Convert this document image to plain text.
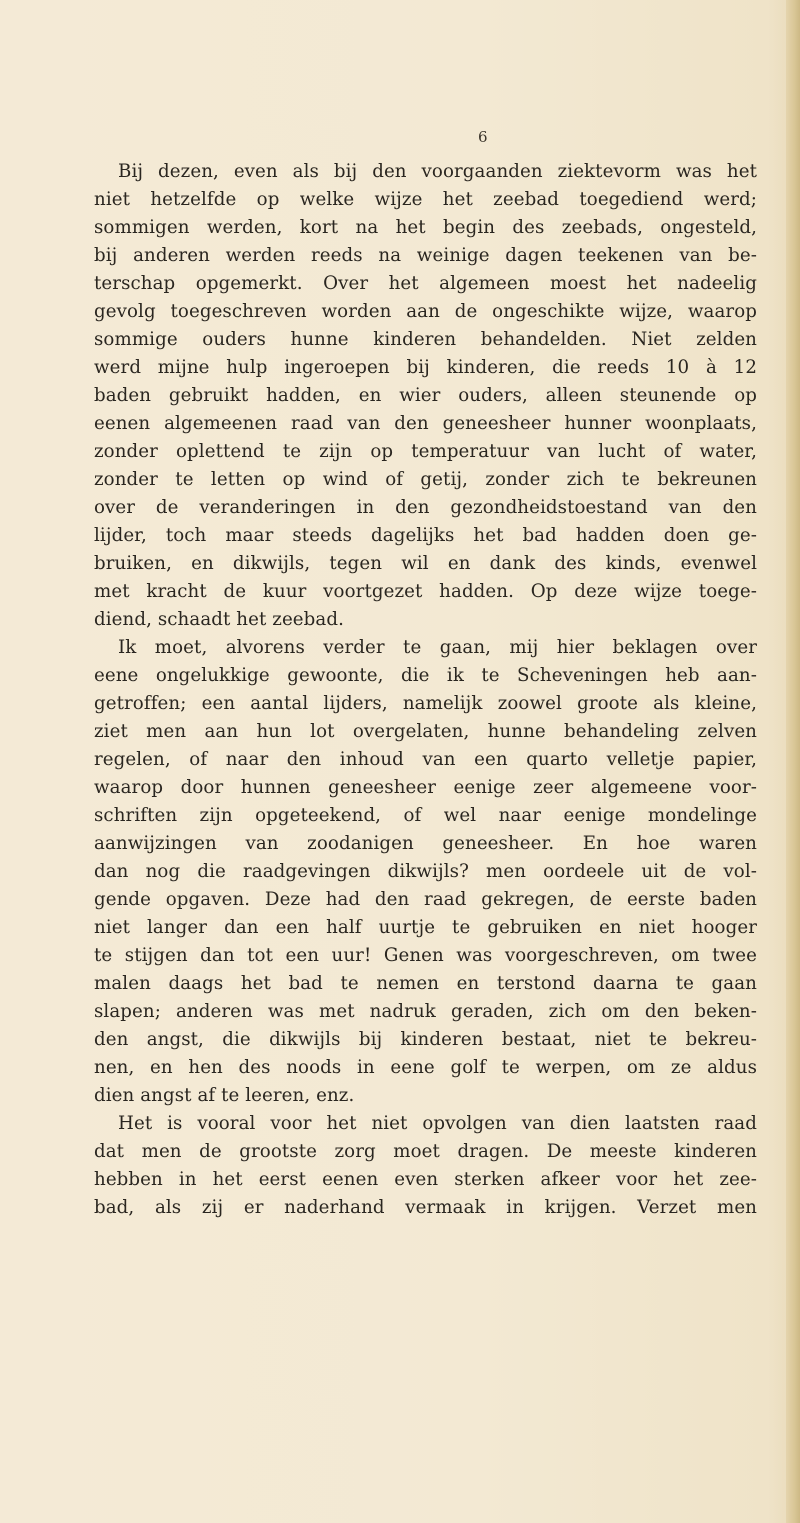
6
Bij dezen, even als bij den voorgaanden ziektevorm was het
niet hetzelfde op welke wijze het zeebad toegediend werd;
sommigen werden, kort na het begin des zeebads, ongesteld,
bij anderen werden reeds na weinige dagen teekenen van be-
terschap opgemerkt. Over het algemeen moest het nadeelig
gevolg toegeschreven worden aan de ongeschikte wijze, waarop
sommige ouders hunne kinderen behandelden. Niet zelden
werd mijne hulp ingeroepen bij kinderen, die reeds 10 à 12
baden gebruikt hadden, en wier ouders, alleen steunende op
eenen algemeenen raad van den geneesheer hunner woonplaats,
zonder oplettend te zijn op temperatuur van lucht of water,
zonder te letten op wind of getij, zonder zich te bekreunen
over de veranderingen in den gezondheidstoestand van den
lijder, toch maar steeds dagelijks het bad hadden doen ge-
bruiken, en dikwijls, tegen wil en dank des kinds, evenwel
met kracht de kuur voortgezet hadden. Op deze wijze toege-
diend, schaadt het zeebad.
Ik moet, alvorens verder te gaan, mij hier beklagen over
eene ongelukkige gewoonte, die ik te Scheveningen heb aan-
getroffen; een aantal lijders, namelijk zoowel groote als kleine,
ziet men aan hun lot overgelaten, hunne behandeling zelven
regelen, of naar den inhoud van een quarto velletje papier,
waarop door hunnen geneesheer eenige zeer algemeene voor-
schriften zijn opgeteekend, of wel naar eenige mondelinge
aanwijzingen van zoodanigen geneesheer. En hoe waren
dan nog die raadgevingen dikwijls? men oordeele uit de vol-
gende opgaven. Deze had den raad gekregen, de eerste baden
niet langer dan een half uurtje te gebruiken en niet hooger
te stijgen dan tot een uur! Genen was voorgeschreven, om twee
malen daags het bad te nemen en terstond daarna te gaan
slapen; anderen was met nadruk geraden, zich om den beken-
den angst, die dikwijls bij kinderen bestaat, niet te bekreu-
nen, en hen des noods in eene golf te werpen, om ze aldus
dien angst af te leeren, enz.
Het is vooral voor het niet opvolgen van dien laatsten raad
dat men de grootste zorg moet dragen. De meeste kinderen
hebben in het eerst eenen even sterken afkeer voor het zee-
bad, als zij er naderhand vermaak in krijgen. Verzet men
